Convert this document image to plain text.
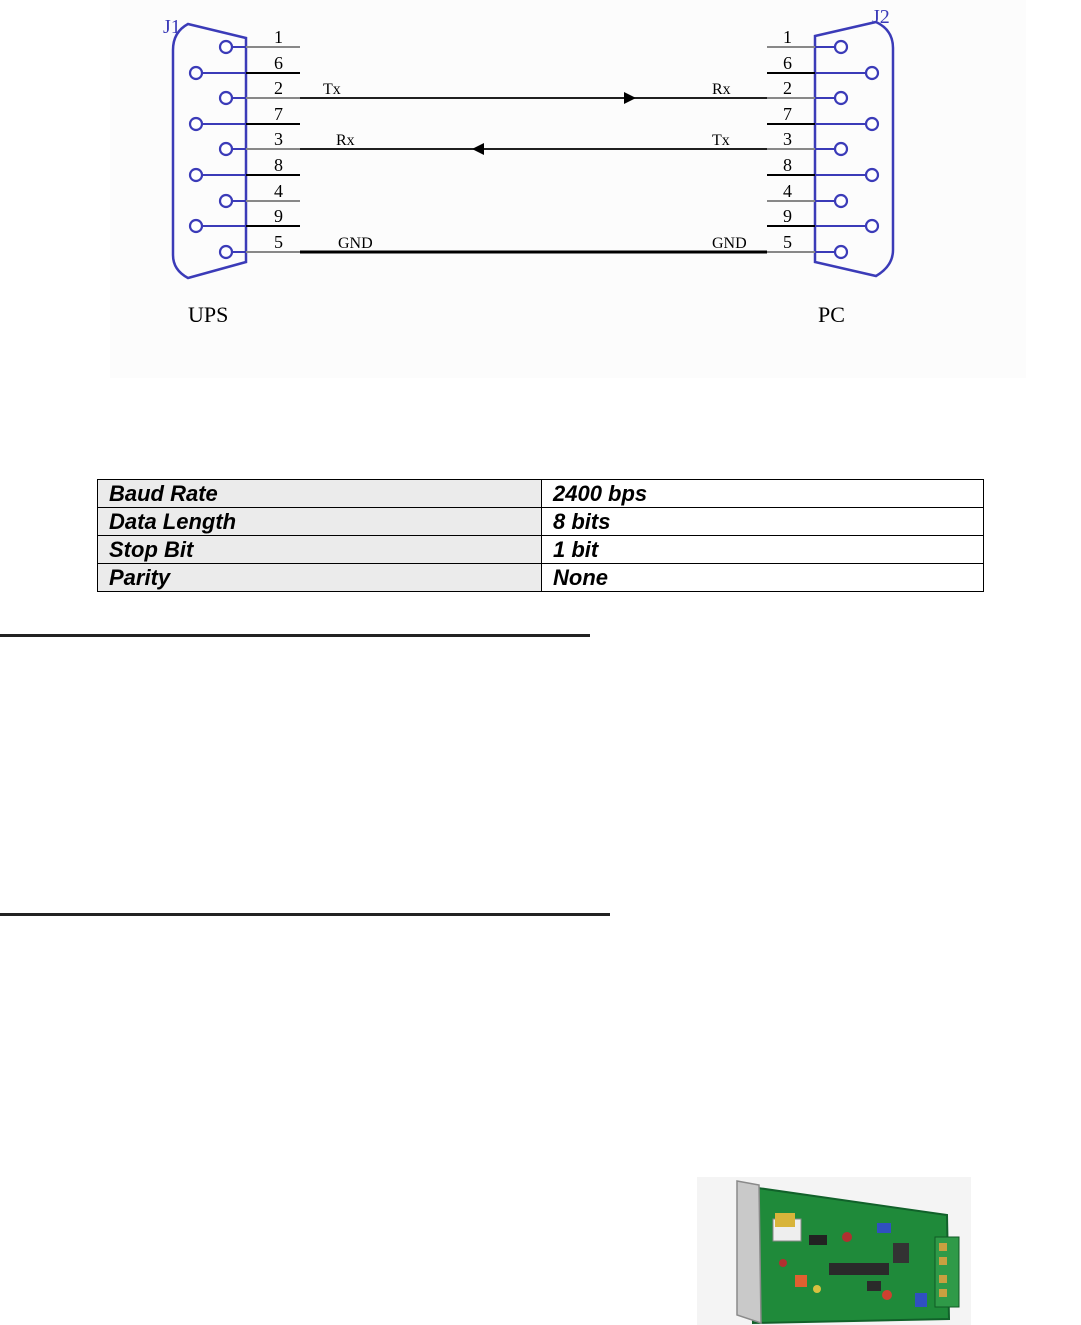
1
6
2
7
3
8
4
9
5
1
6
2
7
3
8
4
9
5
Tx	Rx
Rx	Tx
GND	GND
J1	J2
UPS	PC
Baud Rate	2400 bps
Data Length	8 bits
Stop Bit	1 bit
Parity	None
